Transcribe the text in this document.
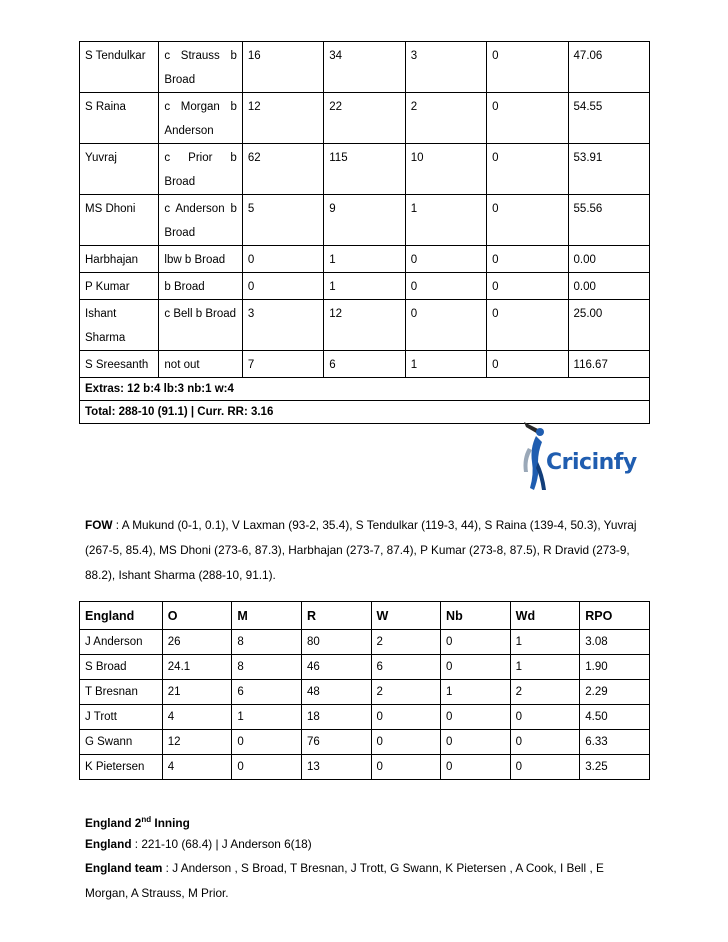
S Tendulkar	c Strauss b Broad	16	34	3	0	47.06
S Raina	c Morgan b Anderson	12	22	2	0	54.55
Yuvraj	c Prior b Broad	62	115	10	0	53.91
MS Dhoni	c Anderson b Broad	5	9	1	0	55.56
Harbhajan	lbw b Broad	0	1	0	0	0.00
P Kumar	b Broad	0	1	0	0	0.00
Ishant Sharma	c Bell b Broad	3	12	0	0	25.00
S Sreesanth	not out	7	6	1	0	116.67
Extras: 12 b:4 lb:3 nb:1 w:4						
Total: 288-10 (91.1) | Curr. RR: 3.16						
Cricinfy
FOW : A Mukund (0-1, 0.1), V Laxman (93-2, 35.4), S Tendulkar (119-3, 44), S Raina (139-4, 50.3), Yuvraj (267-5, 85.4), MS Dhoni (273-6, 87.3), Harbhajan (273-7, 87.4), P Kumar (273-8, 87.5), R Dravid (273-9, 88.2), Ishant Sharma (288-10, 91.1).
England	O	M	R	W	Nb	Wd	RPO
J Anderson	26	8	80	2	0	1	3.08
S Broad	24.1	8	46	6	0	1	1.90
T Bresnan	21	6	48	2	1	2	2.29
J Trott	4	1	18	0	0	0	4.50
G Swann	12	0	76	0	0	0	6.33
K Pietersen	4	0	13	0	0	0	3.25
England 2nd Inning
England : 221-10 (68.4) | J Anderson 6(18)
England team : J Anderson , S Broad, T Bresnan, J Trott, G Swann, K Pietersen , A Cook, I Bell , E Morgan, A Strauss, M Prior.
